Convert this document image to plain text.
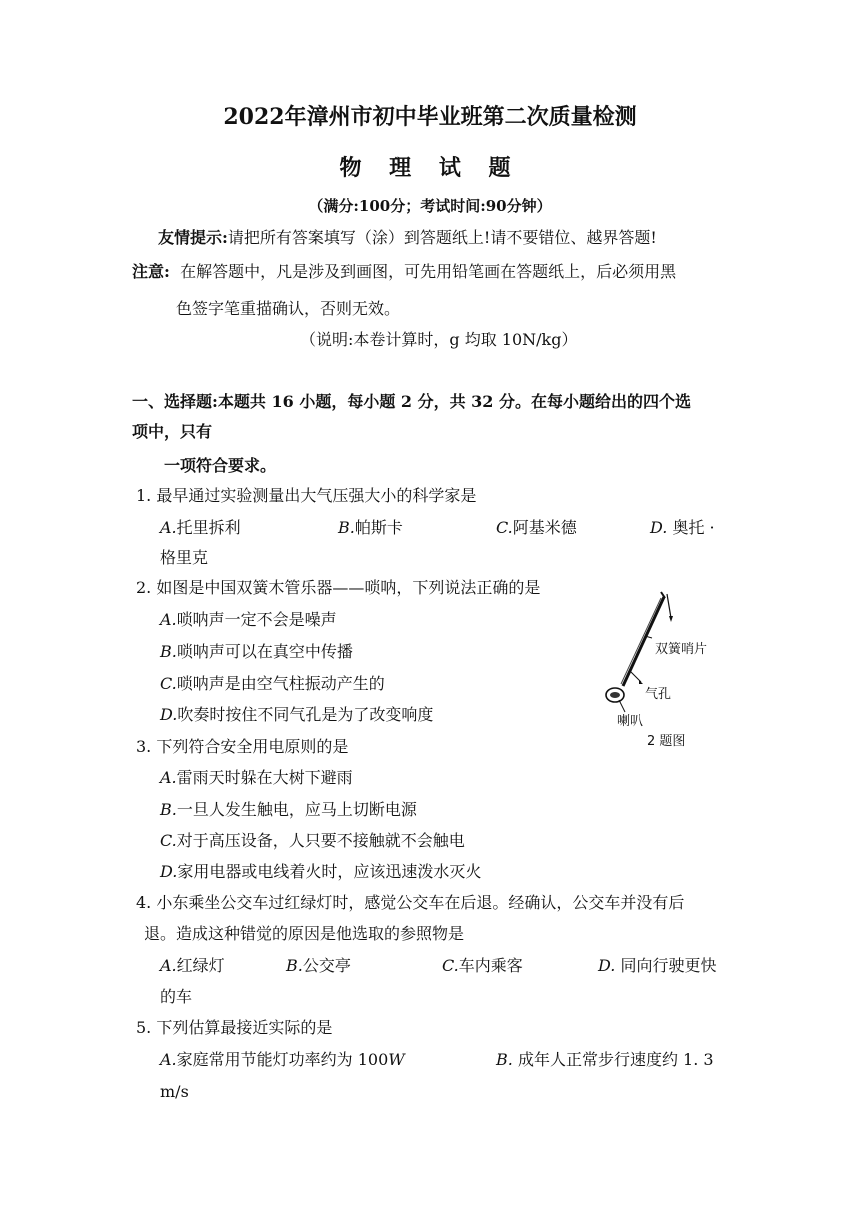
2022年漳州市初中毕业班第二次质量检测
物 理 试 题
（满分:100分；考试时间:90分钟）
友情提示:请把所有答案填写（涂）到答题纸上!请不要错位、越界答题!
注意: 在解答题中，凡是涉及到画图，可先用铅笔画在答题纸上，后必须用黑
色签字笔重描确认，否则无效。
（说明:本卷计算时，g 均取 10N/kg）
一、选择题:本题共 16 小题，每小题 2 分，共 32 分。在每小题给出的四个选
项中，只有
一项符合要求。
1. 最早通过实验测量出大气压强大小的科学家是
A.托里拆利	B.帕斯卡	C.阿基米德	D. 奥托 ·
格里克
2. 如图是中国双簧木管乐器——唢呐，下列说法正确的是
A.唢呐声一定不会是噪声
B.唢呐声可以在真空中传播
C.唢呐声是由空气柱振动产生的
D.吹奏时按住不同气孔是为了改变响度
双簧哨片
气孔
喇叭
2 题图
3. 下列符合安全用电原则的是
A.雷雨天时躲在大树下避雨
B.一旦人发生触电，应马上切断电源
C.对于高压设备，人只要不接触就不会触电
D.家用电器或电线着火时，应该迅速泼水灭火
4. 小东乘坐公交车过红绿灯时，感觉公交车在后退。经确认，公交车并没有后
退。造成这种错觉的原因是他选取的参照物是
A.红绿灯	B.公交亭	C.车内乘客	D. 同向行驶更快
的车
5. 下列估算最接近实际的是
A.家庭常用节能灯功率约为 100W	B. 成年人正常步行速度约 1. 3
m/s
